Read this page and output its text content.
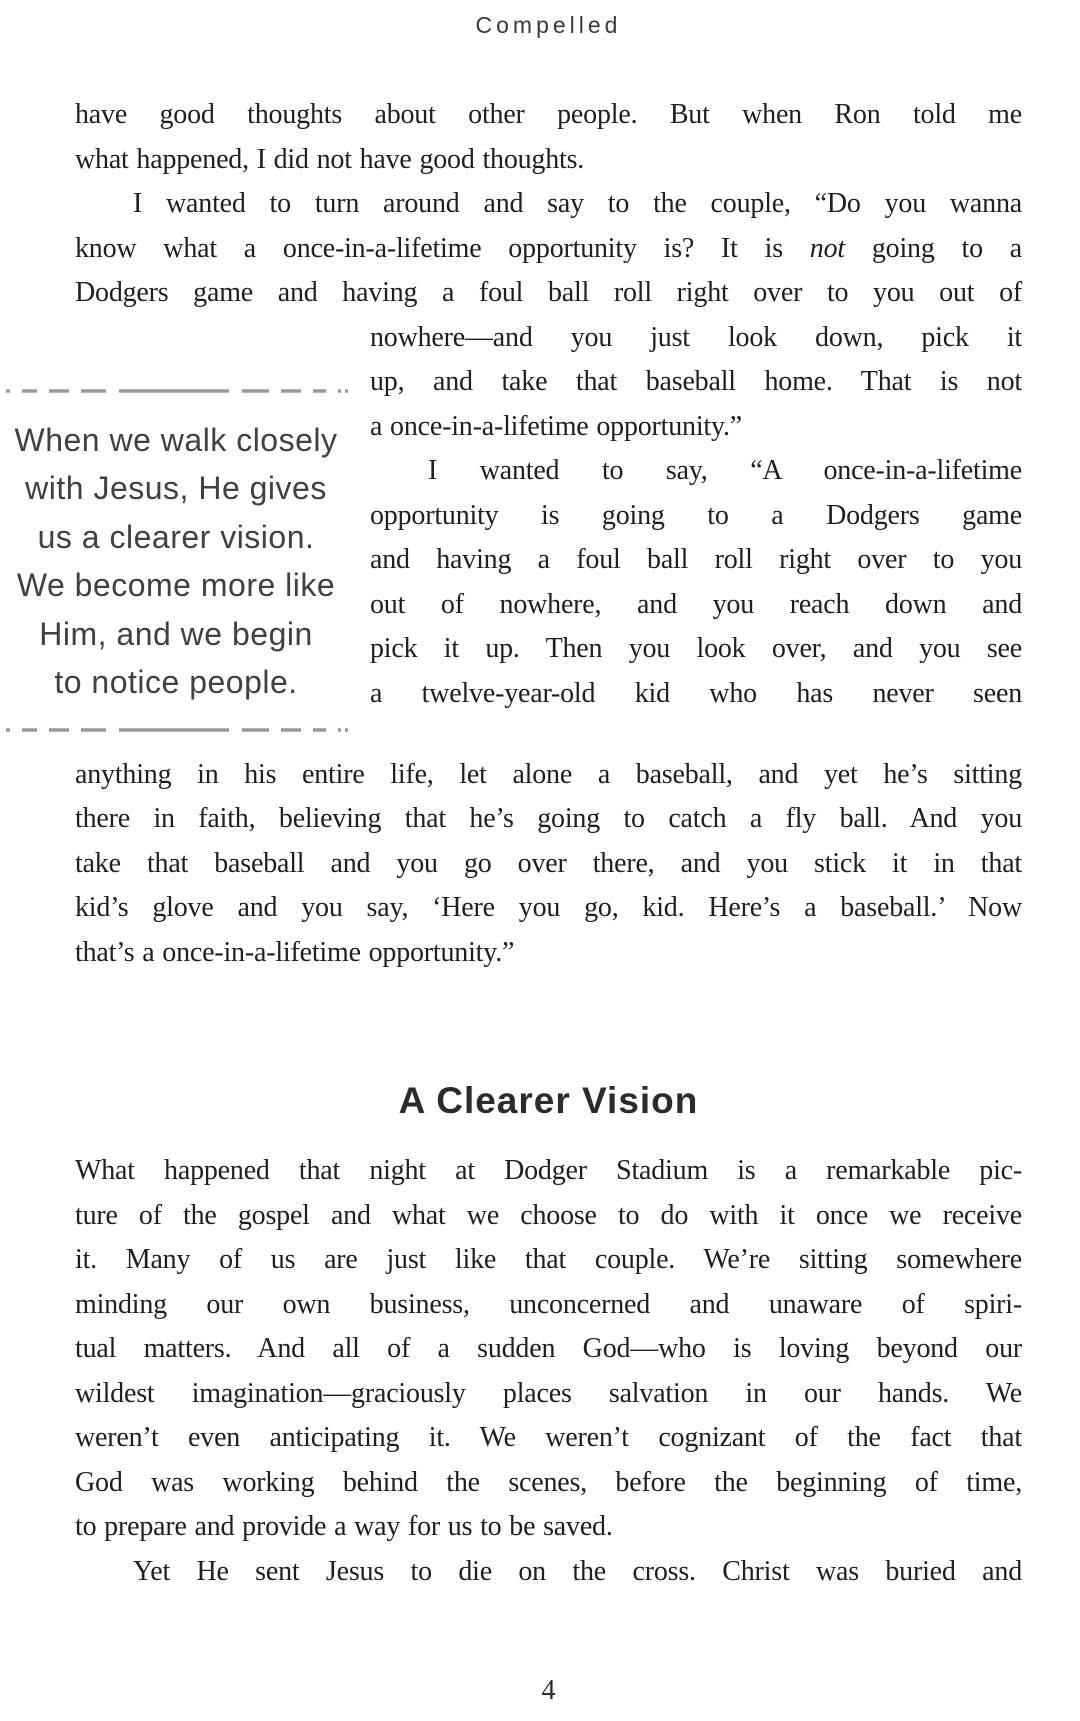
Compelled
have good thoughts about other people. But when Ron told me
what happened, I did not have good thoughts.
I wanted to turn around and say to the couple, “Do you wanna
know what a once-in-a-lifetime opportunity is? It is not going to a
Dodgers game and having a foul ball roll right over to you out of
When we walk closely
with Jesus, He gives
us a clearer vision.
We become more like
Him, and we begin
to notice people.
nowhere—and you just look down, pick it
up, and take that baseball home. That is not
a once-in-a-lifetime opportunity.”
I wanted to say, “A once-in-a-lifetime
opportunity is going to a Dodgers game
and having a foul ball roll right over to you
out of nowhere, and you reach down and
pick it up. Then you look over, and you see
a twelve-year-old kid who has never seen
anything in his entire life, let alone a baseball, and yet he’s sitting
there in faith, believing that he’s going to catch a fly ball. And you
take that baseball and you go over there, and you stick it in that
kid’s glove and you say, ‘Here you go, kid. Here’s a baseball.’ Now
that’s a once-in-a-lifetime opportunity.”
A Clearer Vision
What happened that night at Dodger Stadium is a remarkable pic-
ture of the gospel and what we choose to do with it once we receive
it. Many of us are just like that couple. We’re sitting somewhere
minding our own business, unconcerned and unaware of spiri-
tual matters. And all of a sudden God—who is loving beyond our
wildest imagination—graciously places salvation in our hands. We
weren’t even anticipating it. We weren’t cognizant of the fact that
God was working behind the scenes, before the beginning of time,
to prepare and provide a way for us to be saved.
Yet He sent Jesus to die on the cross. Christ was buried and
4
